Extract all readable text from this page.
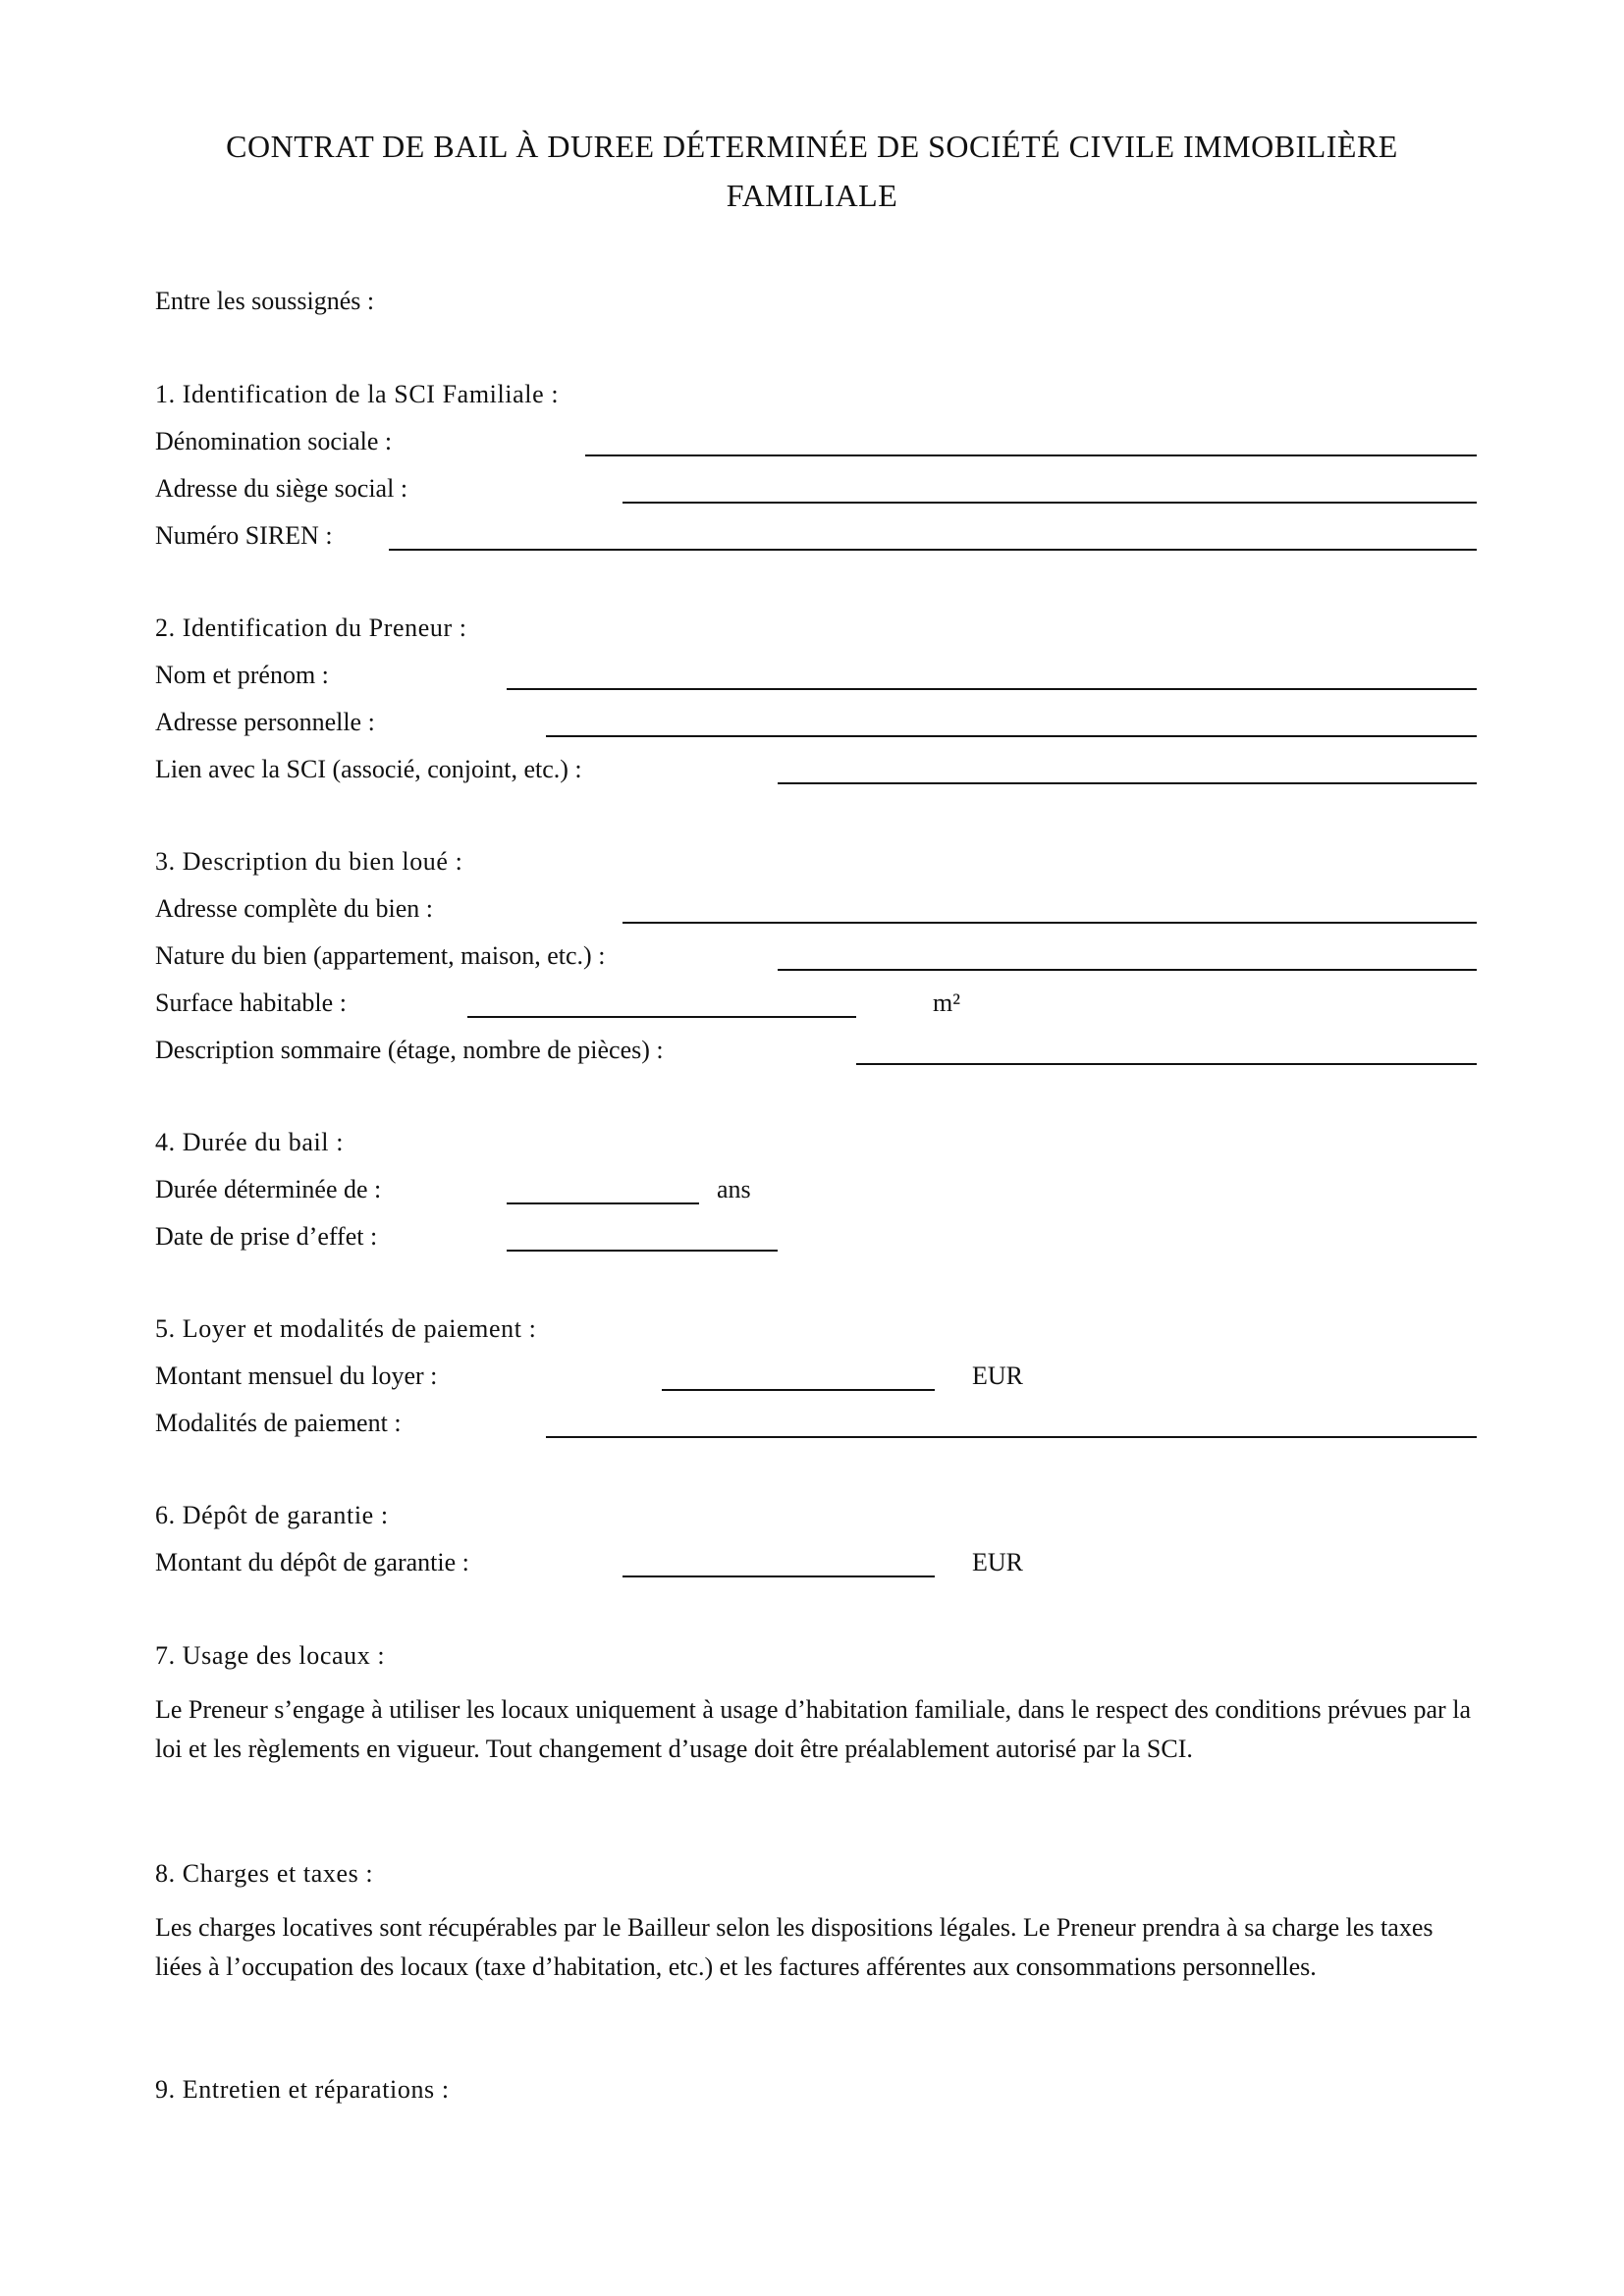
CONTRAT DE BAIL À DUREE DÉTERMINÉE DE SOCIÉTÉ CIVILE IMMOBILIÈRE FAMILIALE
Entre les soussignés :
1. Identification de la SCI Familiale :
Dénomination sociale :
Adresse du siège social :
Numéro SIREN :
2. Identification du Preneur :
Nom et prénom :
Adresse personnelle :
Lien avec la SCI (associé, conjoint, etc.) :
3. Description du bien loué :
Adresse complète du bien :
Nature du bien (appartement, maison, etc.) :
Surface habitable :	m²
Description sommaire (étage, nombre de pièces) :
4. Durée du bail :
Durée déterminée de :	ans
Date de prise d’effet :
5. Loyer et modalités de paiement :
Montant mensuel du loyer :	EUR
Modalités de paiement :
6. Dépôt de garantie :
Montant du dépôt de garantie :	EUR
7. Usage des locaux :
Le Preneur s’engage à utiliser les locaux uniquement à usage d’habitation familiale, dans le respect des conditions prévues par la loi et les règlements en vigueur. Tout changement d’usage doit être préalablement autorisé par la SCI.
8. Charges et taxes :
Les charges locatives sont récupérables par le Bailleur selon les dispositions légales. Le Preneur prendra à sa charge les taxes liées à l’occupation des locaux (taxe d’habitation, etc.) et les factures afférentes aux consommations personnelles.
9. Entretien et réparations :
